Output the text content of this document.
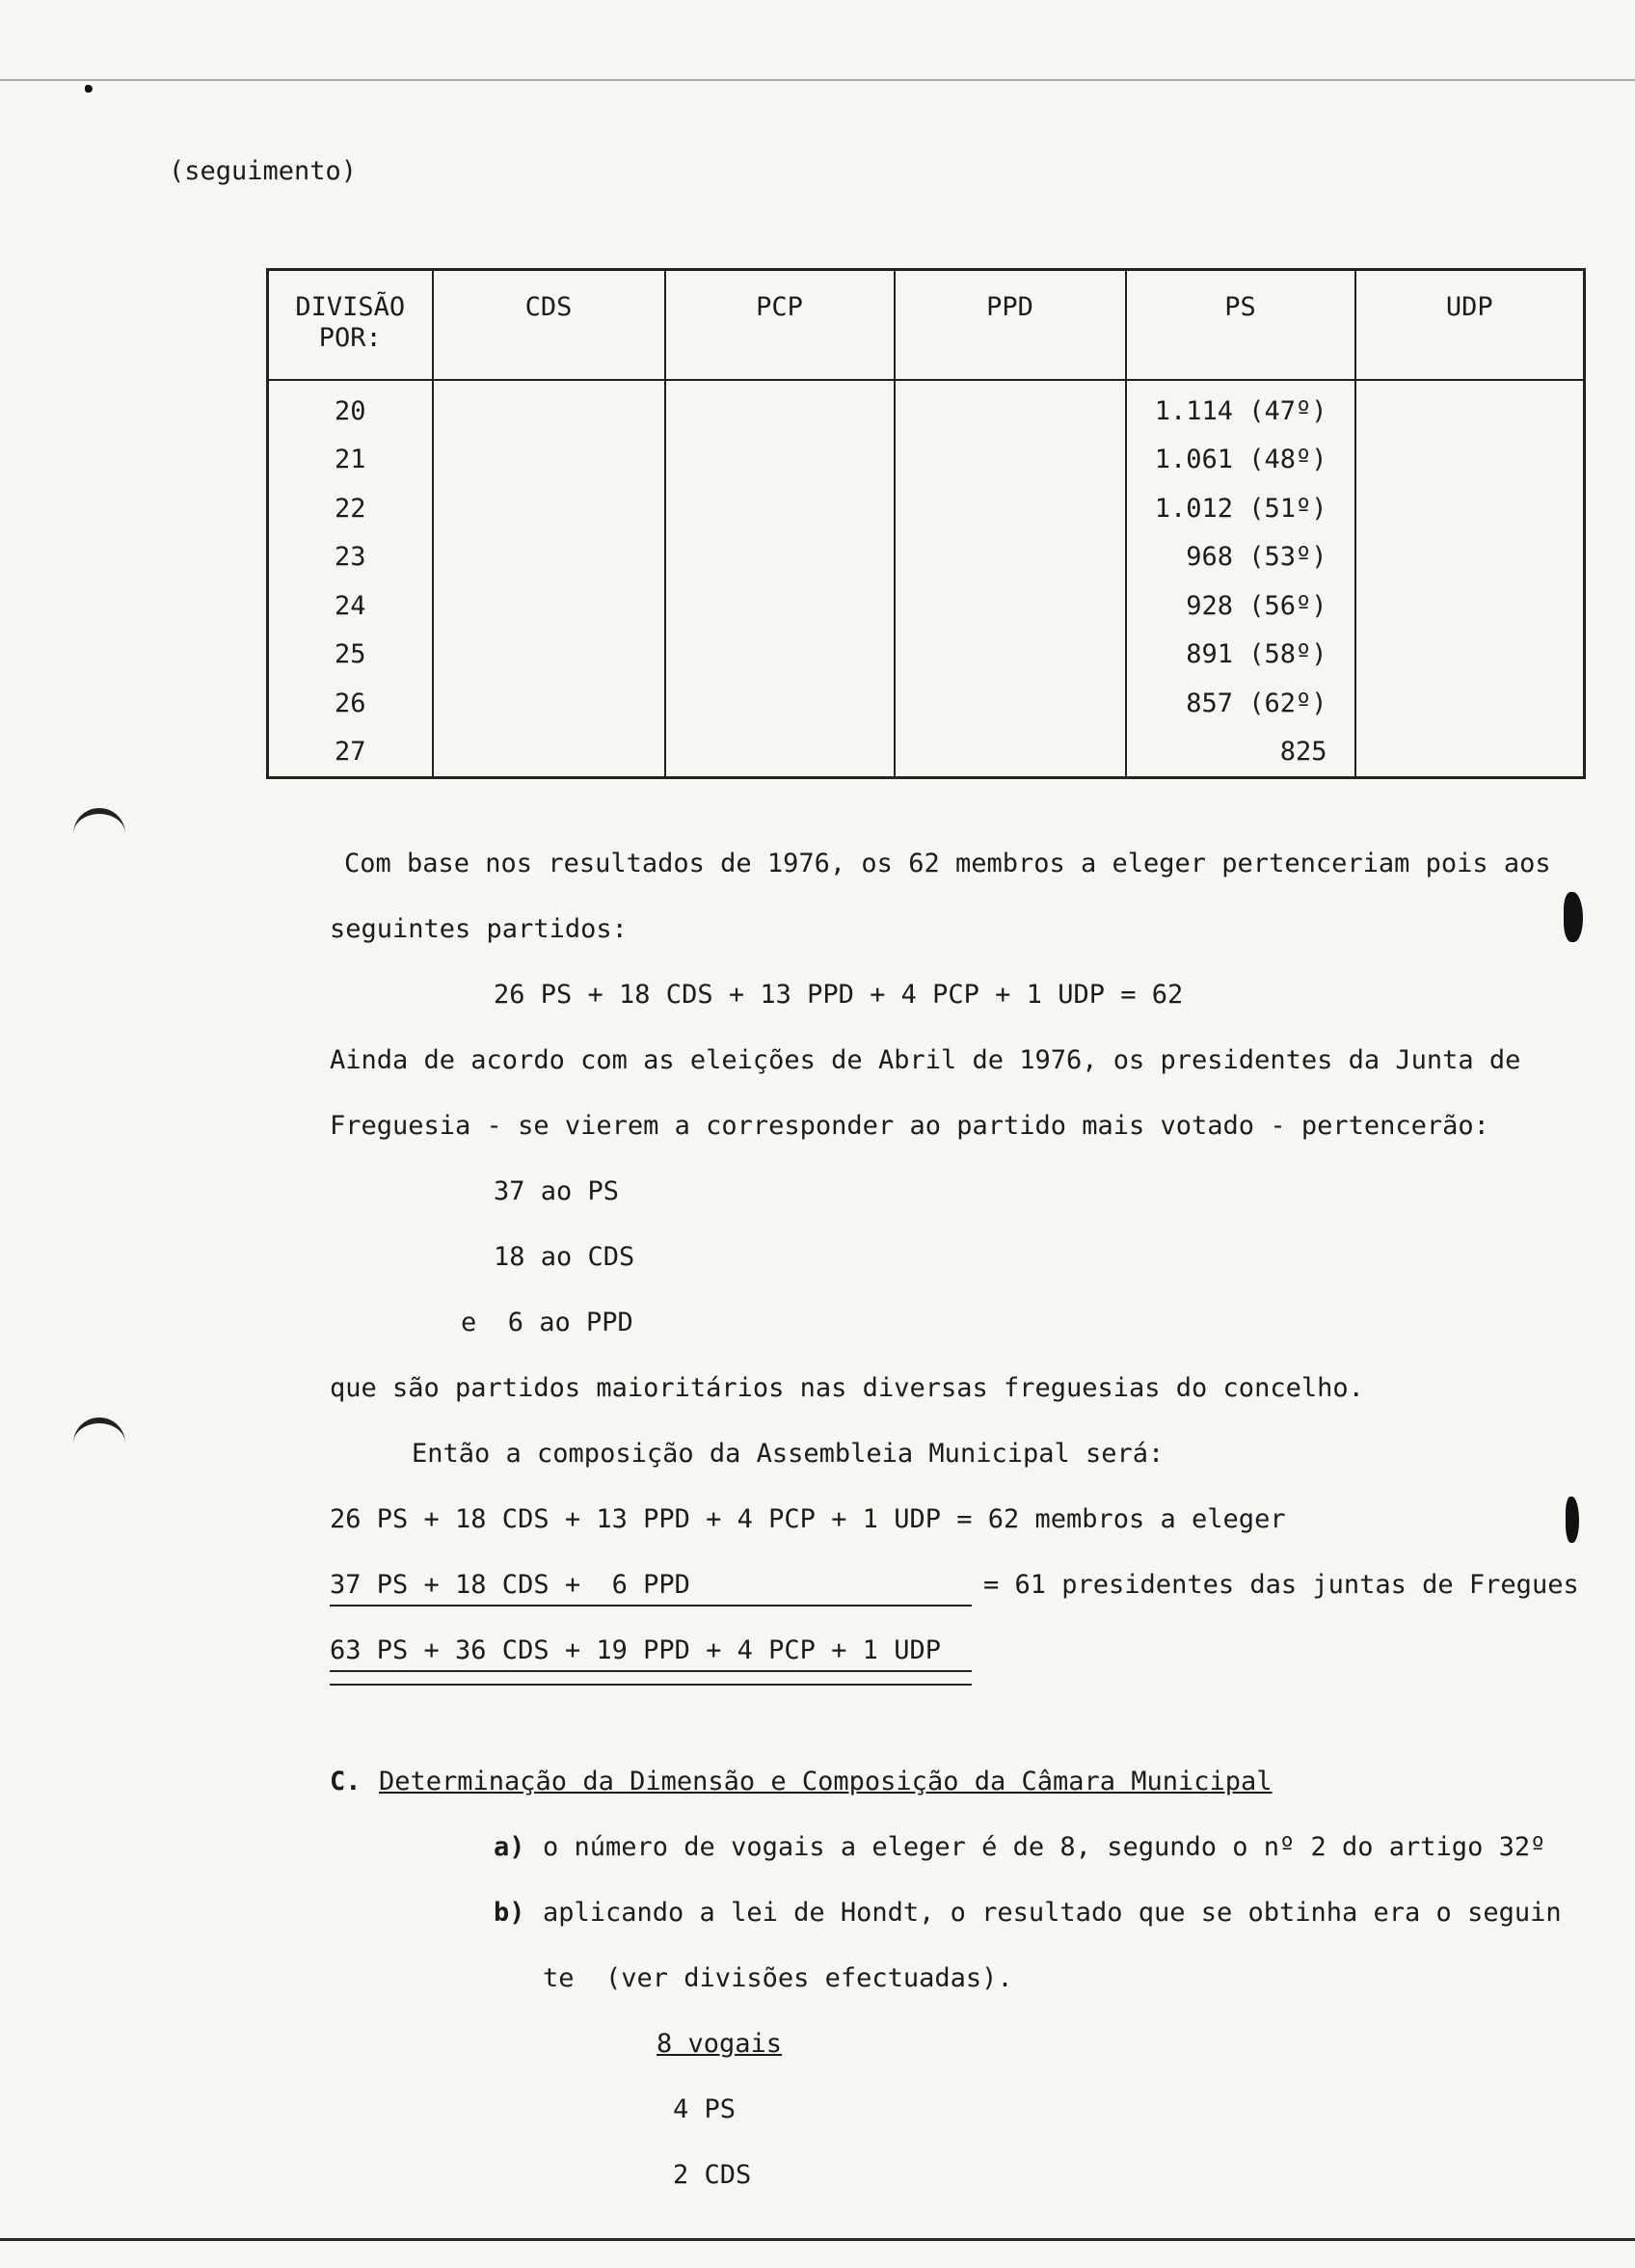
(seguimento)
DIVISÃO
POR:	CDS	PCP	PPD	PS	UDP
20				1.114 (47º)	
21				1.061 (48º)	
22				1.012 (51º)	
23				968 (53º)	
24				928 (56º)	
25				891 (58º)	
26				857 (62º)	
27				825	
Com base nos resultados de 1976, os 62 membros a eleger pertenceriam pois aos
seguintes partidos:
26 PS + 18 CDS + 13 PPD + 4 PCP + 1 UDP = 62
Ainda de acordo com as eleições de Abril de 1976, os presidentes da Junta de
Freguesia - se vierem a corresponder ao partido mais votado - pertencerão:
37 ao PS
18 ao CDS
e  6 ao PPD
que são partidos maioritários nas diversas freguesias do concelho.
Então a composição da Assembleia Municipal será:
26 PS + 18 CDS + 13 PPD + 4 PCP + 1 UDP = 62 membros a eleger
37 PS + 18 CDS +  6 PPD	= 61 presidentes das juntas de Fregues
63 PS + 36 CDS + 19 PPD + 4 PCP + 1 UDP
C. Determinação da Dimensão e Composição da Câmara Municipal
a) o número de vogais a eleger é de 8, segundo o nº 2 do artigo 32º
b) aplicando a lei de Hondt, o resultado que se obtinha era o seguin
te  (ver divisões efectuadas).
8 vogais
4 PS
2 CDS
